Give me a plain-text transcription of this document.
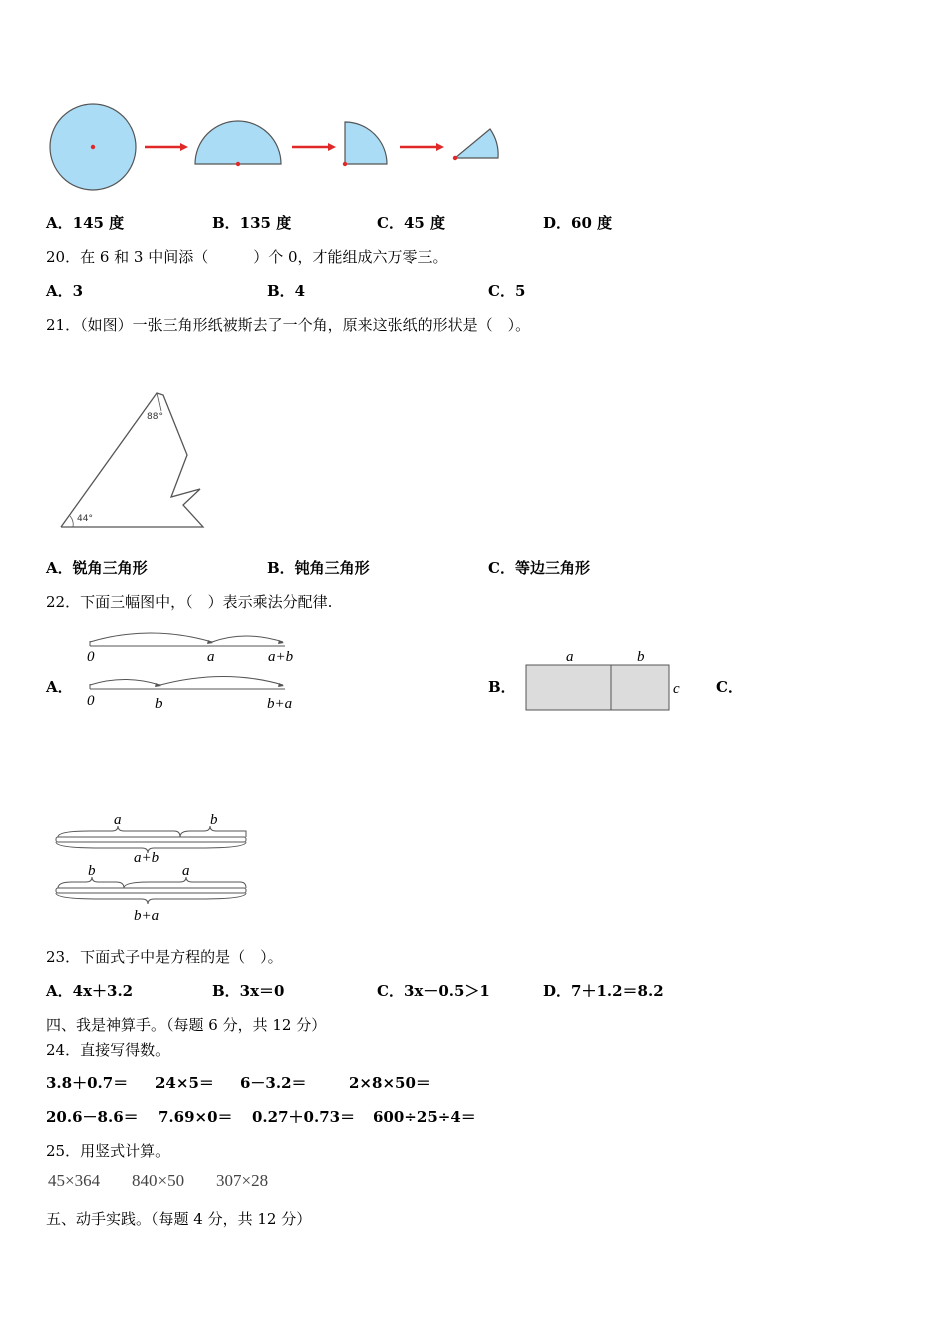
A．145 度	B．135 度	C．45 度	D．60 度
20．在 6 和 3 中间添（　　　）个 0，才能组成六万零三。
A．3	B．4	C．5
21．（如图）一张三角形纸被斯去了一个角，原来这张纸的形状是（　）。
88°
44°
A．锐角三角形	B．钝角三角形	C．等边三角形
22．下面三幅图中，（　）表示乘法分配律.
A．
0	a	a+b
0	b	b+a
B．
a	b
c C．
a	b
a+b
b	a
b+a
23．下面式子中是方程的是（　）。
A．4x＋3.2	B．3x＝0	C．3x－0.5＞1	D．7＋1.2＝8.2
四、我是神算手。（每题 6 分，共 12 分）
24．直接写得数。
3.8＋0.7＝ 24×5＝ 6－3.2＝	2×8×50＝
20.6－8.6＝ 7.69×0＝ 0.27＋0.73＝ 600÷25÷4＝
25．用竖式计算。
45×364 840×50 307×28
五、动手实践。（每题 4 分，共 12 分）
